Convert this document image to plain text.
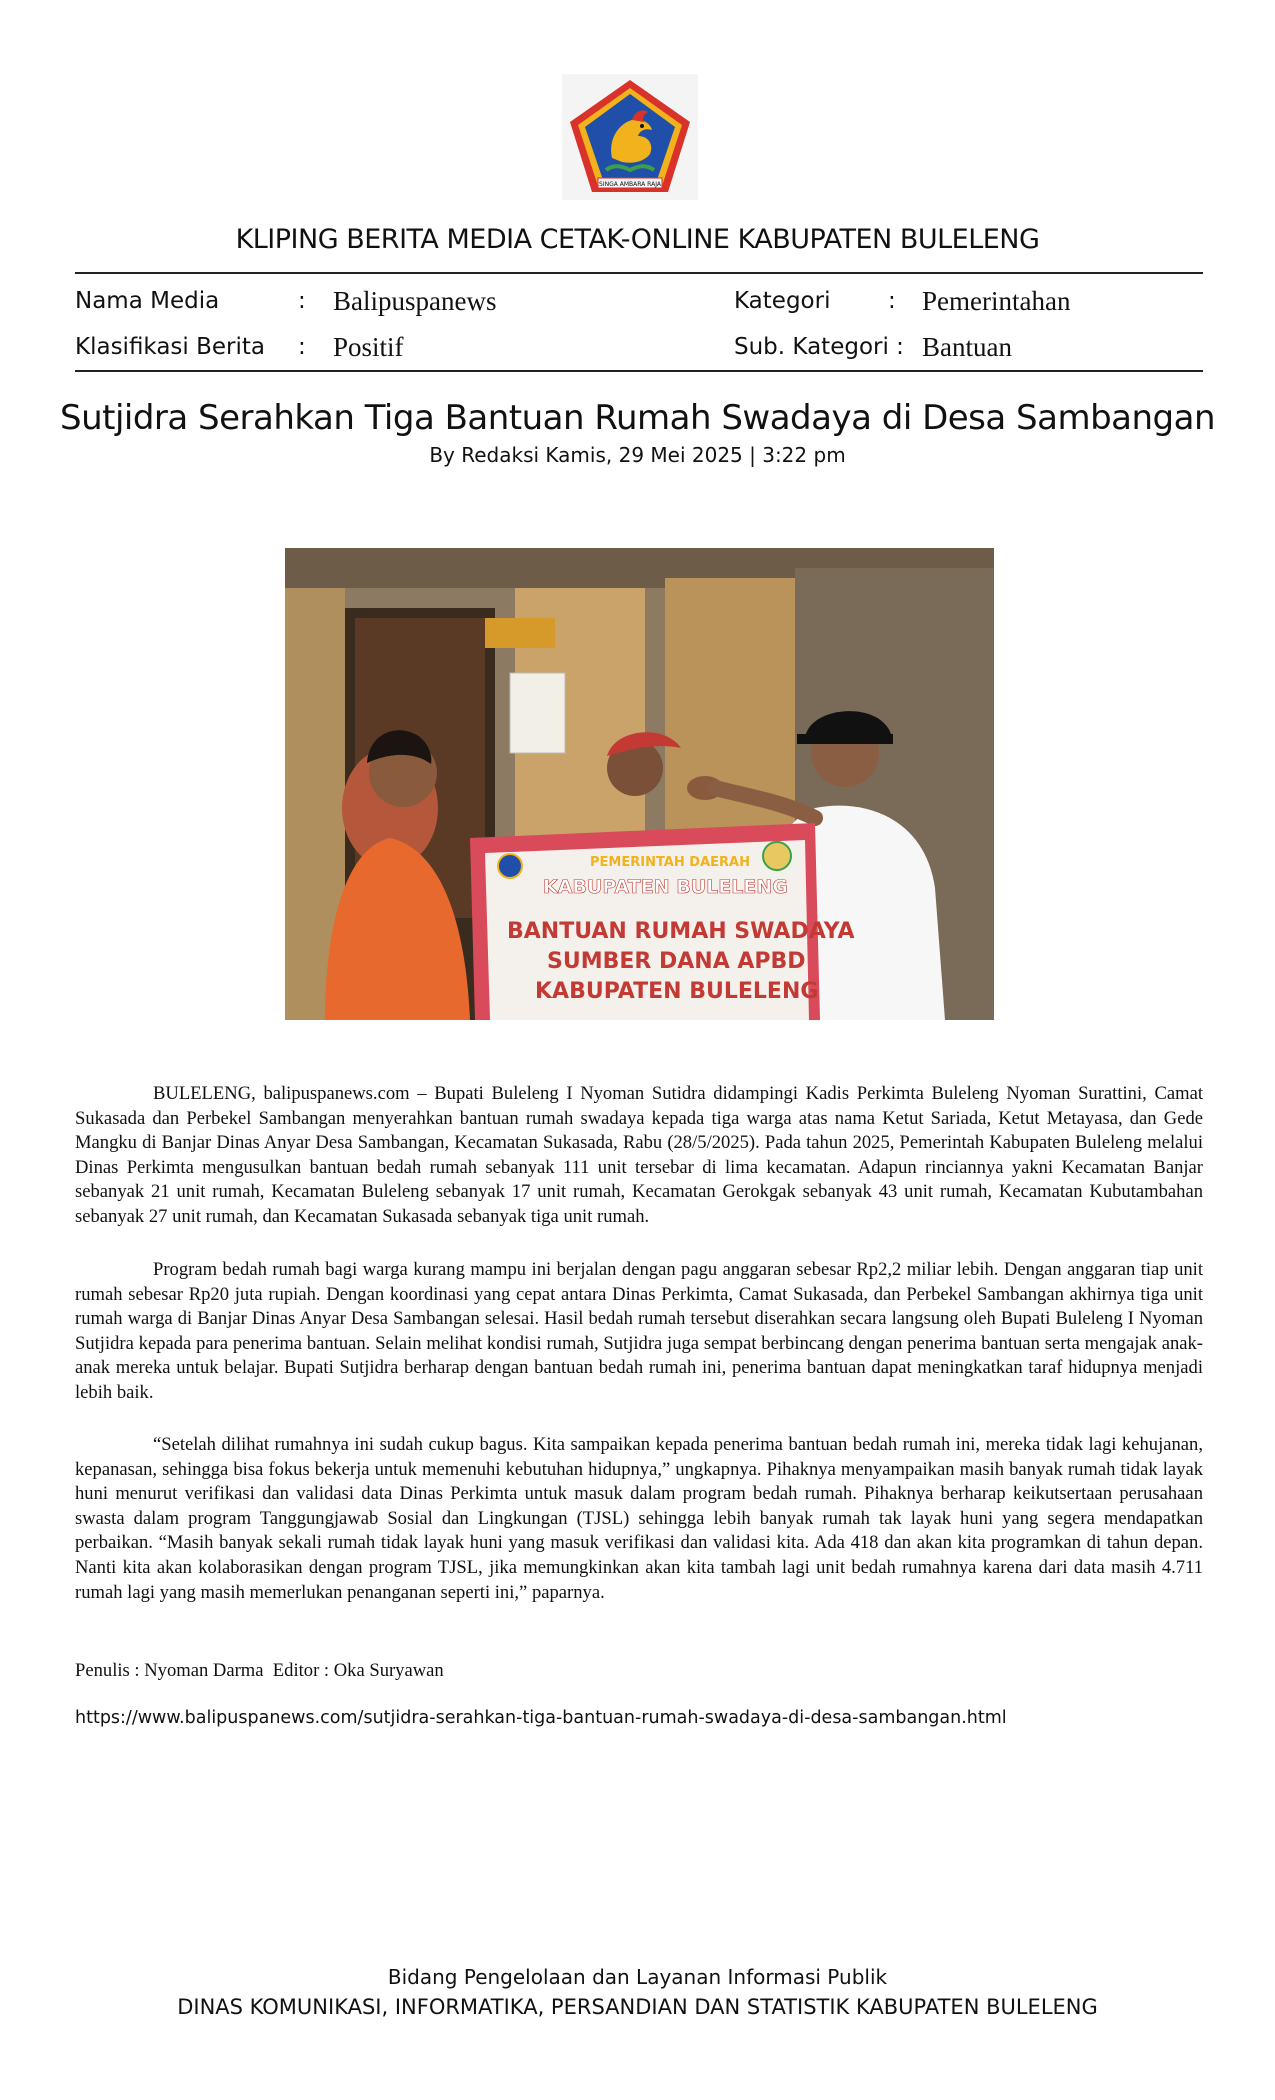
SINGA AMBARA RAJA
KLIPING BERITA MEDIA CETAK-ONLINE KABUPATEN BULELENG
Nama Media	: Balipuspanews	Kategori	: Pemerintahan
Klasifikasi Berita : Positif	Sub. Kategori : Bantuan
Sutjidra Serahkan Tiga Bantuan Rumah Swadaya di Desa Sambangan
By Redaksi Kamis, 29 Mei 2025 | 3:22 pm
PEMERINTAH DAERAH
KABUPATEN BULELENG
BANTUAN RUMAH SWADAYA
SUMBER DANA APBD
KABUPATEN BULELENG

BULELENG, balipuspanews.com – Bupati Buleleng I Nyoman Sutidra didampingi Kadis Perkimta Buleleng Nyoman Surattini, Camat Sukasada dan Perbekel Sambangan menyerahkan bantuan rumah swadaya kepada tiga warga atas nama Ketut Sariada, Ketut Metayasa, dan Gede Mangku di Banjar Dinas Anyar Desa Sambangan, Kecamatan Sukasada, Rabu (28/5/2025). Pada tahun 2025, Pemerintah Kabupaten Buleleng melalui Dinas Perkimta mengusulkan bantuan bedah rumah sebanyak 111 unit tersebar di lima kecamatan. Adapun rinciannya yakni Kecamatan Banjar sebanyak 21 unit rumah, Kecamatan Buleleng sebanyak 17 unit rumah, Kecamatan Gerokgak sebanyak 43 unit rumah, Kecamatan Kubutambahan sebanyak 27 unit rumah, dan Kecamatan Sukasada sebanyak tiga unit rumah.

Program bedah rumah bagi warga kurang mampu ini berjalan dengan pagu anggaran sebesar Rp2,2 miliar lebih. Dengan anggaran tiap unit rumah sebesar Rp20 juta rupiah. Dengan koordinasi yang cepat antara Dinas Perkimta, Camat Sukasada, dan Perbekel Sambangan akhirnya tiga unit rumah warga di Banjar Dinas Anyar Desa Sambangan selesai. Hasil bedah rumah tersebut diserahkan secara langsung oleh Bupati Buleleng I Nyoman Sutjidra kepada para penerima bantuan. Selain melihat kondisi rumah, Sutjidra juga sempat berbincang dengan penerima bantuan serta mengajak anak-anak mereka untuk belajar. Bupati Sutjidra berharap dengan bantuan bedah rumah ini, penerima bantuan dapat meningkatkan taraf hidupnya menjadi lebih baik.

“Setelah dilihat rumahnya ini sudah cukup bagus. Kita sampaikan kepada penerima bantuan bedah rumah ini, mereka tidak lagi kehujanan, kepanasan, sehingga bisa fokus bekerja untuk memenuhi kebutuhan hidupnya,” ungkapnya. Pihaknya menyampaikan masih banyak rumah tidak layak huni menurut verifikasi dan validasi data Dinas Perkimta untuk masuk dalam program bedah rumah. Pihaknya berharap keikutsertaan perusahaan swasta dalam program Tanggungjawab Sosial dan Lingkungan (TJSL) sehingga lebih banyak rumah tak layak huni yang segera mendapatkan perbaikan. “Masih banyak sekali rumah tidak layak huni yang masuk verifikasi dan validasi kita. Ada 418 dan akan kita programkan di tahun depan. Nanti kita akan kolaborasikan dengan program TJSL, jika memungkinkan akan kita tambah lagi unit bedah rumahnya karena dari data masih 4.711 rumah lagi yang masih memerlukan penanganan seperti ini,” paparnya.

Penulis : Nyoman Darma  Editor : Oka Suryawan
https://www.balipuspanews.com/sutjidra-serahkan-tiga-bantuan-rumah-swadaya-di-desa-sambangan.html
Bidang Pengelolaan dan Layanan Informasi Publik
DINAS KOMUNIKASI, INFORMATIKA, PERSANDIAN DAN STATISTIK KABUPATEN BULELENG
